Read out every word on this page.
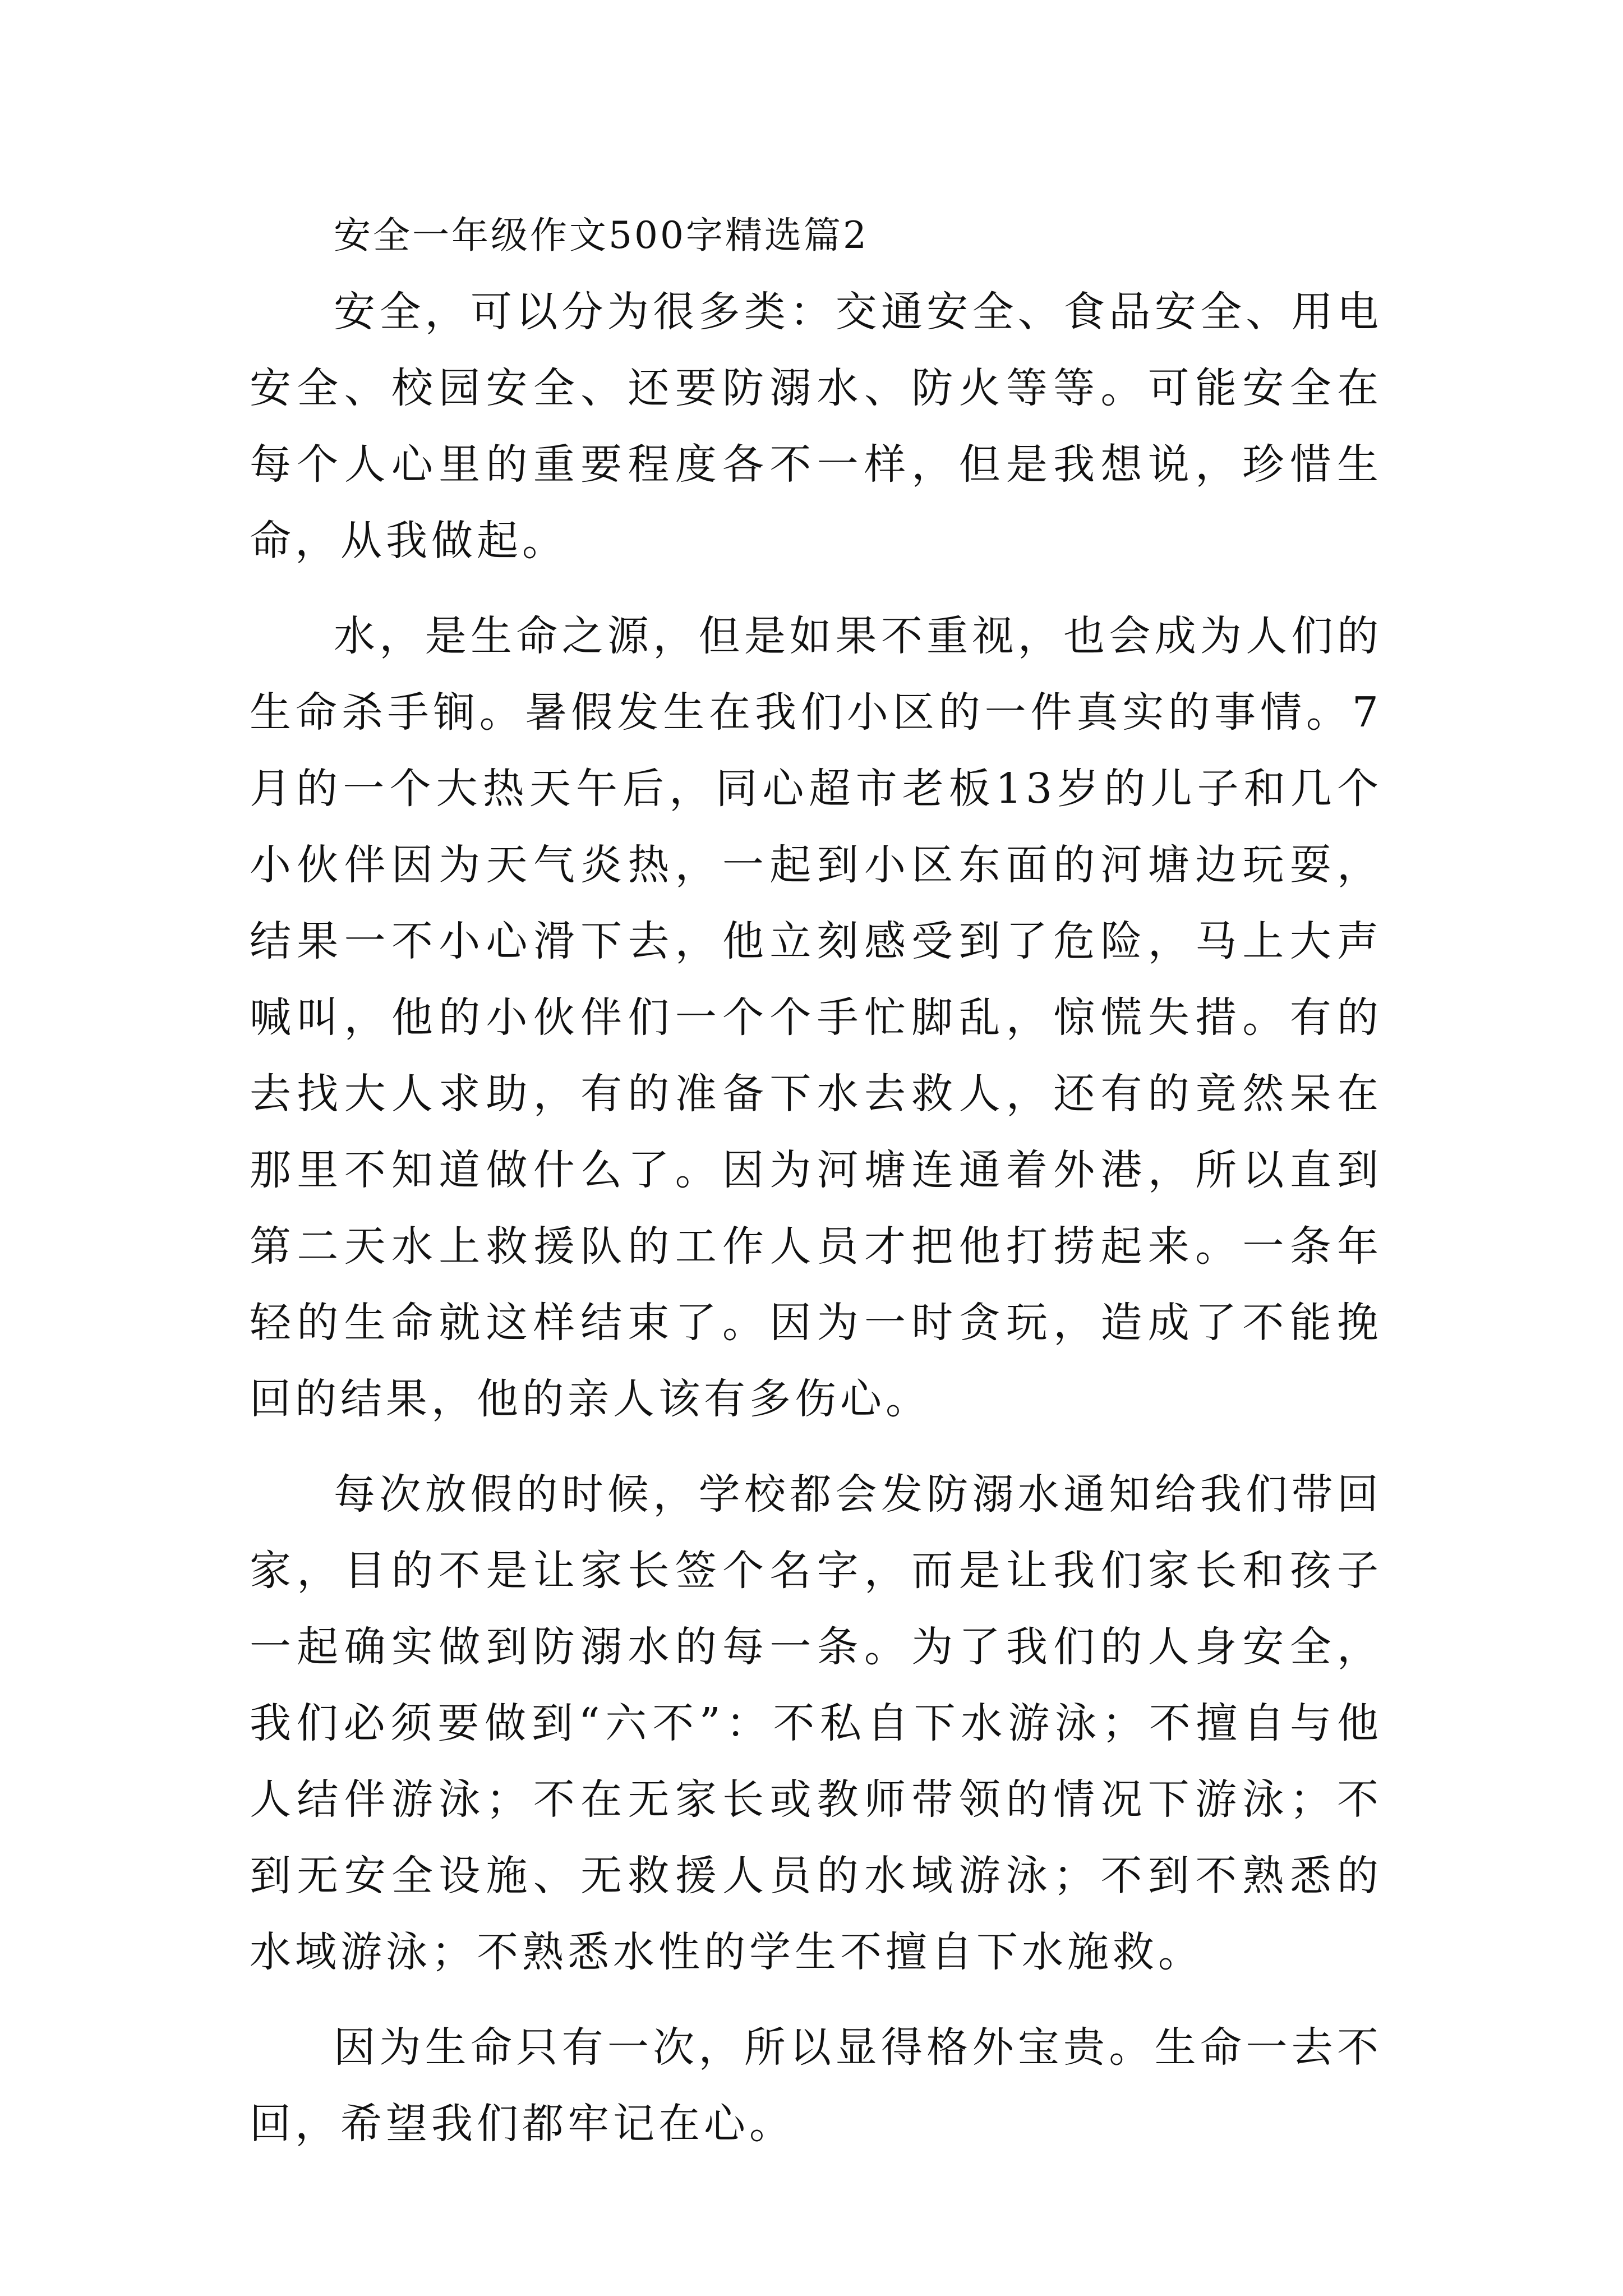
安全一年级作文500字精选篇2

安全，可以分为很多类：交通安全、食品安全、用电安全、校园安全、还要防溺水、防火等等。可能安全在每个人心里的重要程度各不一样，但是我想说，珍惜生命，从我做起。

水，是生命之源，但是如果不重视，也会成为人们的生命杀手锏。暑假发生在我们小区的一件真实的事情。7月的一个大热天午后，同心超市老板13岁的儿子和几个小伙伴因为天气炎热，一起到小区东面的河塘边玩耍，结果一不小心滑下去，他立刻感受到了危险，马上大声喊叫，他的小伙伴们一个个手忙脚乱，惊慌失措。有的去找大人求助，有的准备下水去救人，还有的竟然呆在那里不知道做什么了。因为河塘连通着外港，所以直到第二天水上救援队的工作人员才把他打捞起来。一条年轻的生命就这样结束了。因为一时贪玩，造成了不能挽回的结果，他的亲人该有多伤心。

每次放假的时候，学校都会发防溺水通知给我们带回家，目的不是让家长签个名字，而是让我们家长和孩子一起确实做到防溺水的每一条。为了我们的人身安全，我们必须要做到“六不”：不私自下水游泳；不擅自与他人结伴游泳；不在无家长或教师带领的情况下游泳；不到无安全设施、无救援人员的水域游泳；不到不熟悉的水域游泳；不熟悉水性的学生不擅自下水施救。

因为生命只有一次，所以显得格外宝贵。生命一去不回，希望我们都牢记在心。
